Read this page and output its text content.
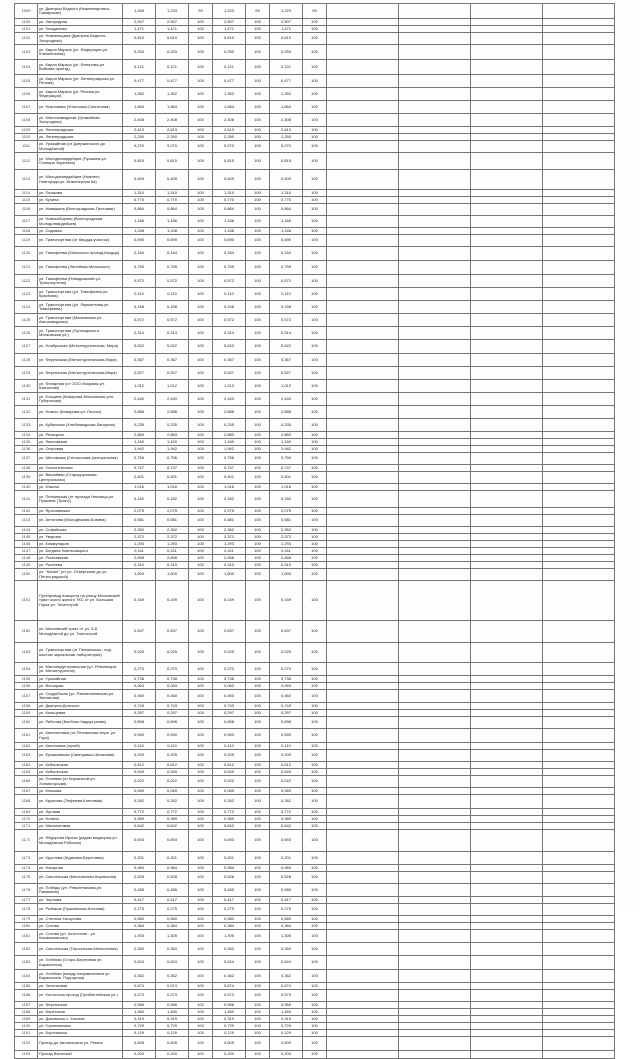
1099	ул. Дмитрия Бедного (Нижневартовск-Самарская)	1,269	1,233	99	1,223	99	1,223	99				
1100	ул. Загородная	2,507	2,507	100	2,507	100	2,507	100				
1101	ул. Гвоздичная	1,471	1,471	100	1,471	100	1,471	100				
1102	ул. Новоельцина (Дмитрия Бедного-Загородная)	0,610	0,610	100	0,610	100	0,610	100				
1103	ул. Карла Маркса (ул. Федерации-ул. Клементьева)	0,253	0,253	100	0,253	100	0,253	100				
1104	ул. Карла Маркса (ул. Филатова-ул. Войкова проезд)	0,121	0,121	100	0,121	100	0,121	100				
1105	ул. Карла Маркса (ул. Ленинградская-ул. Речная)	0,477	0,477	100	0,477	100	0,477	100				
1106	ул. Карла Маркса (ул. Речная-ул. Федерации)	1,352	1,352	100	1,352	100	1,352	100				
1107	ул. Николаева (Угличская-Солнечная)	1,664	1,664	100	1,664	100	1,664	100				
1108	ул. Маслозаводская (Урожайная-Загородная)	2,408	2,408	100	2,408	100	2,408	100				
1109	ул. Ленинградская	2,613	2,613	100	2,613	100	2,613	100				
1110	ул. Ленинградская	2,250	2,250	100	2,250	100	2,250	100				
1111	ул. Урожайная (от Дзержинского до Молодёжной)	9,270	9,270	100	9,270	100	9,270	100				
1112	ул. Молодогвардейцев (Пушкина-ул. Станции Заречная)	0,815	0,815	100	0,815	100	0,815	100				
1113	ул. Молодогвардейцев (Нижнего Новгорода-ул. Инженерная 5а)	0,409	0,409	100	0,409	100	0,409	100				
1114	ул. Пешкова	1,310	1,310	100	1,310	100	1,310	100				
1115	ул. Кучина	0,770	0,770	100	0,770	100	0,770	100				
1116	ул. Навашина (Волгоградская-Пестовая)	0,864	0,864	100	0,864	100	0,864	100				
1117	ул. Новособорная (Волгоградская-Молодогвардейцев)	1,166	1,166	100	1,166	100	1,166	100				
1118	ул. Садовая	1,248	1,248	100	1,248	100	1,248	100				
1119	ул. Транспортная (от Кводца-участок)	0,690	0,690	100	0,690	100	0,690	100				
1120	ул. Тимофеева (Мильского проезд-Кводца)	0,164	0,164	100	0,164	100	0,164	100				
1121	ул. Тимофеева (Линейная-Мильского)	0,755	0,755	100	0,755	100	0,755	100				
1122	ул. Тимофеева (Невядомский-ул. Транспортная)	0,572	0,572	100	0,572	100	0,572	100				
1123	ул. Транспортная (ул. Тимофеева-ул. Краснова)	0,110	0,110	100	0,110	100	0,110	100				
1124	ул. Транспортная (ул. Лермонтова-ул. Тимофеева)	0,158	0,158	100	0,158	100	0,158	100				
1125	ул. Транспортная (Московская-ул. Автозаводская)	0,572	0,572	100	0,572	100	0,572	100				
1126	ул. Транспортная (Луначарского-Московская ул.)	0,314	0,314	100	0,314	100	0,314	100				
1127	ул. Ноябрьская (Металлургическая, Мира)	5,622	5,622	100	5,622	100	5,622	100				
1128	ул. Ферганская (Металлургическая-Мира)	0,367	0,367	100	0,367	100	0,367	100				
1129	ул. Ферганская (Металлургическая-Мира)	0,527	0,527	100	0,527	100	0,527	100				
1130	ул. Фонарная (от ООО Изорама-ул. Шатилова)	1,012	1,012	100	1,012	100	1,012	100				
1131	ул. Ельцина (Комарова-Московская улл. Губернская)	2,440	2,440	100	2,440	100	2,440	100				
1132	ул. Нового (Комарова-ул. Лесхоз)	2,888	2,888	100	2,888	100	2,888	100				
1133	ул. Кубанская (Хлебзаводская-Загорная)	0,235	0,235	100	0,235	100	0,235	100				
1134	ул. Речицкого	2,883	2,883	100	2,883	100	2,883	100				
1135	ул. Ляхновская	1,160	1,160	100	1,160	100	1,160	100				
1136	ул. Островая	1,942	1,942	100	1,942	100	1,942	100				
1137	ул. Шестакова (Сенокосная-Центральная)	0,756	0,756	100	0,756	100	0,756	100				
1138	ул. Геологическая	0,747	0,747	100	0,747	100	0,747	100				
1139	ул. Вишнёвая (Стародорожная-Центральная)	0,401	0,401	100	0,401	100	0,401	100				
1140	ул. Южная	1,016	1,016	100	1,016	100	1,016	100				
1141	ул. Пензинская (от проезда Нежница-ул. Пушкина (Тракт))	0,182	0,182	100	0,182	100	0,182	100				
1142	ул. Ярославская	2,075	2,075	100	2,075	100	2,075	100				
1143	ул. Антонова (Молодёжная-Бовина)	0,581	0,581	100	0,581	100	0,581	100				
1144	ул. Софийская	2,352	2,352	100	2,352	100	2,352	100				
1145	ул. Уварова	2,372	2,372	100	2,372	100	2,372	100				
1146	ул. Коммунаров	1,293	1,293	100	1,293	100	1,293	100				
1147	ул. Богдана Хмельницкого	0,411	0,411	100	0,411	100	0,411	100				
1148	ул. Рылеевская	2,658	2,658	100	2,658	100	2,658	100				
1149	ул. Рылеева	0,310	0,310	100	0,310	100	0,310	100				
1150	ул. "Канал" (от ул. Отвёрткина до ул. Петроградской)	1,600	1,600	100	1,600	100	1,600	100				
1151	Путепровод поворота на улицу Московский тракт около жилого ТКС от ул. Большая Горка ул. Тагилстрой	0,159	0,159	100	0,159	100	0,159	100				
1152	ул. Московский тракт от ул. 3-й Молодёжной до ул. Тагилстрой	0,637	0,637	100	0,637	100	0,637	100				
1153	ул. Транспортная (от Пензинская - под мостом заркальная лаборатория)	0,025	0,025	100	0,025	100	0,025	100				
1154	ул. Малоиндустриальная (ул. Революции-ул. Металлургиста)	0,270	0,270	100	0,270	100	0,270	100				
1155	ул. Урожайная	0,738	0,738	100	0,738	100	0,738	100				
1156	ул. Волоцкая	0,063	0,063	100	0,063	100	0,063	100				
1157	ул. Сердобская (ул. Рахманиновская-ул. Звенигова)	0,460	0,460	100	0,460	100	0,460	100				
1158	ул. Дмитрия Донского	0,743	0,743	100	0,743	100	0,743	100				
1159	ул. Кольцевая	0,297	0,297	100	0,297	100	0,297	100				
1160	ул. Рабочая (Бесбоях-Кадыргунова)	0,898	0,898	100	0,898	100	0,898	100				
1161	ул. Калинотовка (от Пензинская-нерв. ул. Гора)	0,590	0,590	100	0,590	100	0,590	100				
1162	ул. Калиновка (лучей)	0,110	0,110	100	0,110	100	0,110	100				
1163	ул. Ермаковская (Свинцовых-Шлаковая)	0,205	0,205	100	0,205	100	0,205	100				
1164	ул. Кобыльская	0,612	0,612	100	0,612	100	0,612	100				
1165	ул. Кобыльская	0,549	0,549	100	0,549	100	0,549	100				
1166	ул. Полевая (от Кирпичной-ул. Холмогорская)	0,022	0,022	100	0,022	100	0,022	100				
1167	ул. Клыкова	0,069	0,069	100	0,069	100	0,069	100				
1168	ул. Крупская (Тюфяева-Кленовая)	0,262	0,262	100	0,262	100	0,262	100				
1169	ул. Луговая	0,772	0,772	100	0,772	100	0,772	100				
1170	ул. Ногина	0,389	0,389	100	0,389	100	0,389	100				
1171	ул. Малахитовая	0,642	0,642	100	0,642	100	0,642	100				
1172	ул. Фёдорова Ирины (рядом медицина ул. Молодёжная Рабочая)	0,693	0,693	100	0,693	100	0,693	100				
1173	ул. Круглова (Жданова-Береговая)	0,201	0,201	100	0,201	100	0,201	100				
1174	ул. Нагорная	0,984	0,984	100	0,984	100	0,984	100				
1175	ул. Смоленская (Мельничная-Кирпичная)	0,528	0,528	100	0,528	100	0,528	100				
1176	ул. Победы (ул. Ремонтникова-ул. Лиманная)	0,485	0,485	100	0,485	100	0,485	100				
1177	ул. Чернова	0,417	0,417	100	0,417	100	0,417	100				
1178	ул. Рыбаков (Пушкинская-Кочнева)	0,275	0,275	100	0,275	100	0,275	100				
1179	ул. Степана Хаткусова	0,580	0,580	100	0,580	100	0,580	100				
1180	ул. Ситова	0,384	0,384	100	0,384	100	0,384	100				
1181	ул. Ситова (ул. Котлочная - ул. Кашмановская)	1,305	1,305	100	1,305	100	1,305	100				
1182	ул. Смоленская (Терсинская-Мельничная)	0,360	0,360	100	0,360	100	0,360	100				
1183	ул. Хлебная (Старо-Береговая ул. Барахатина)	0,624	0,624	100	0,624	100	0,624	100				
1184	ул. Хлебная (между направлением ул. Барахатина, Подгорная)	0,362	0,362	100	0,362	100	0,362	100				
1185	ул. Зеленковая	0,674	0,674	100	0,674	100	0,674	100				
1186	ул. Котлочная проезд (Прибалтийская ул.)	0,573	0,573	100	0,573	100	0,573	100				
1187	ул. Ферганская	0,966	0,966	100	0,966	100	0,966	100				
1188	ул. Береговая	1,460	1,460	100	1,460	100	1,460	100				
1189	ул. Доковская с. Хлыния	0,319	0,319	100	0,319	100	0,319	100				
1190	ул. Горпечевская	0,729	0,729	100	0,729	100	0,729	100				
1191	ул. Бортовская	0,129	0,129	100	0,129	100	0,129	100				
1192	Проезд до Автовокзала ул. Ремеж	0,605	0,605	100	0,605	100	0,605	100				
1193	Проезд Вагонный	0,200	0,200	100	0,200	100	0,200	100				
